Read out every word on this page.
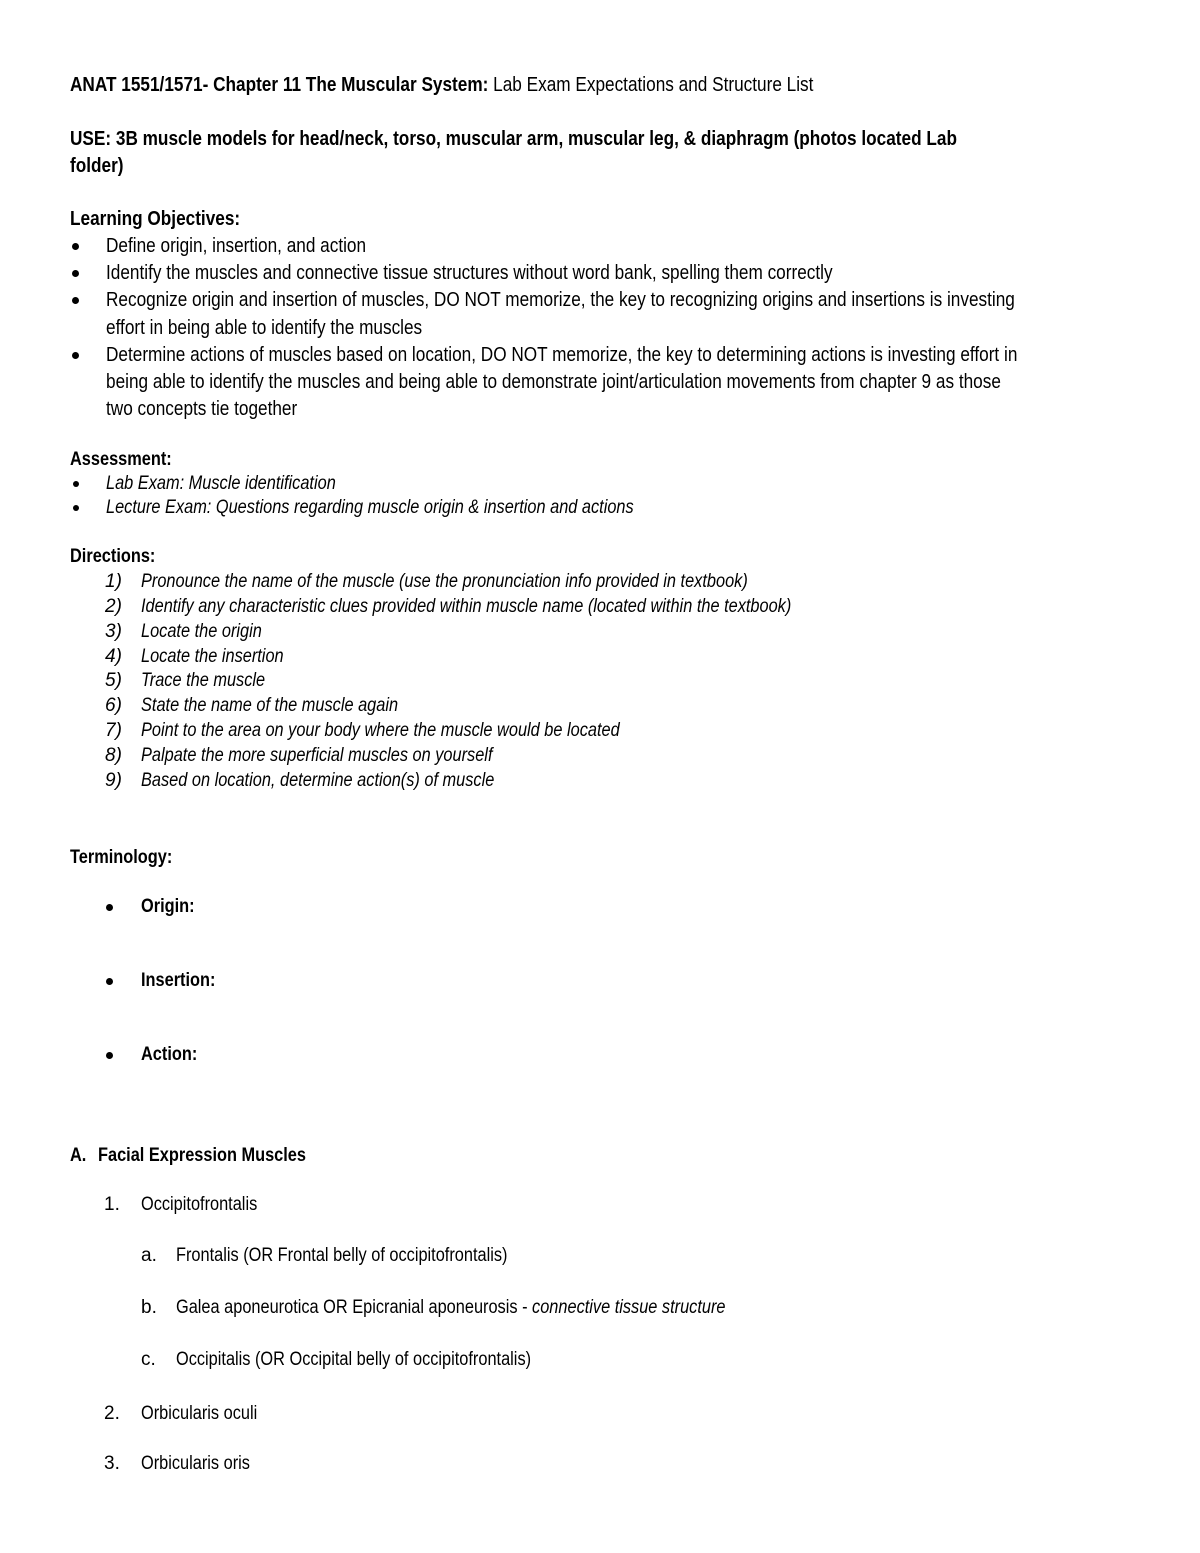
ANAT 1551/1571- Chapter 11 The Muscular System: Lab Exam Expectations and Structure List
USE: 3B muscle models for head/neck, torso, muscular arm, muscular leg, & diaphragm (photos located Lab
folder)
Learning Objectives:
Define origin, insertion, and action
Identify the muscles and connective tissue structures without word bank, spelling them correctly
Recognize origin and insertion of muscles, DO NOT memorize, the key to recognizing origins and insertions is investing
effort in being able to identify the muscles
Determine actions of muscles based on location, DO NOT memorize, the key to determining actions is investing effort in
being able to identify the muscles and being able to demonstrate joint/articulation movements from chapter 9 as those
two concepts tie together
Assessment:
Lab Exam: Muscle identification
Lecture Exam: Questions regarding muscle origin & insertion and actions
Directions:
1) Pronounce the name of the muscle (use the pronunciation info provided in textbook)
2) Identify any characteristic clues provided within muscle name (located within the textbook)
3) Locate the origin
4) Locate the insertion
5) Trace the muscle
6) State the name of the muscle again
7) Point to the area on your body where the muscle would be located
8) Palpate the more superficial muscles on yourself
9) Based on location, determine action(s) of muscle
Terminology:
Origin:
Insertion:
Action:
A. Facial Expression Muscles
1. Occipitofrontalis
a. Frontalis (OR Frontal belly of occipitofrontalis)
b. Galea aponeurotica OR Epicranial aponeurosis - connective tissue structure
c. Occipitalis (OR Occipital belly of occipitofrontalis)
2. Orbicularis oculi
3. Orbicularis oris
